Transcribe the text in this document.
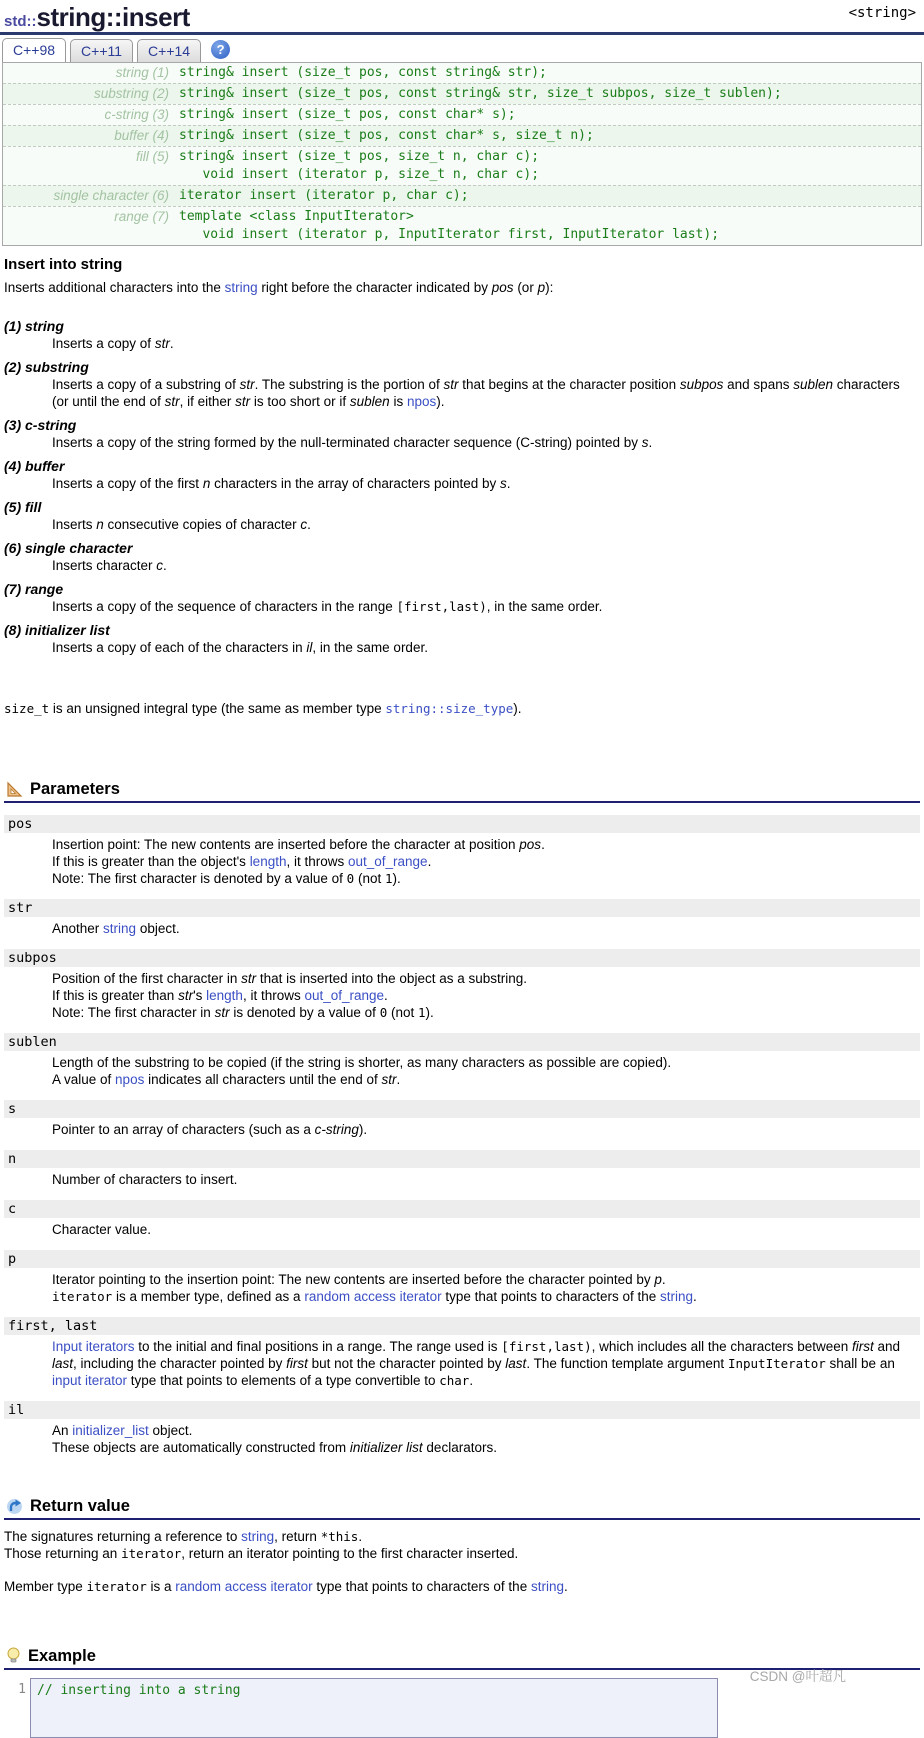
std:: string::insert	<string>
C++98	C++11	C++14	?
string (1) string& insert (size_t pos, const string& str);
substring (2) string& insert (size_t pos, const string& str, size_t subpos, size_t sublen);
c-string (3) string& insert (size_t pos, const char* s);
buffer (4) string& insert (size_t pos, const char* s, size_t n);
fill (5) string& insert (size_t pos, size_t n, char c);
void insert (iterator p, size_t n, char c);
single character (6) iterator insert (iterator p, char c);
range (7) template <class InputIterator>
void insert (iterator p, InputIterator first, InputIterator last);
Insert into string
Inserts additional characters into the string right before the character indicated by pos (or p):
(1) string
Inserts a copy of str.
(2) substring
Inserts a copy of a substring of str. The substring is the portion of str that begins at the character position subpos and spans sublen characters (or until the end of str, if either str is too short or if sublen is npos).
(3) c-string
Inserts a copy of the string formed by the null-terminated character sequence (C-string) pointed by s.
(4) buffer
Inserts a copy of the first n characters in the array of characters pointed by s.
(5) fill
Inserts n consecutive copies of character c.
(6) single character
Inserts character c.
(7) range
Inserts a copy of the sequence of characters in the range [first,last), in the same order.
(8) initializer list
Inserts a copy of each of the characters in il, in the same order.
size_t is an unsigned integral type (the same as member type string::size_type).
Parameters
pos
Insertion point: The new contents are inserted before the character at position pos.
If this is greater than the object's length, it throws out_of_range.
Note: The first character is denoted by a value of 0 (not 1).
str
Another string object.
subpos
Position of the first character in str that is inserted into the object as a substring.
If this is greater than str's length, it throws out_of_range.
Note: The first character in str is denoted by a value of 0 (not 1).
sublen
Length of the substring to be copied (if the string is shorter, as many characters as possible are copied).
A value of npos indicates all characters until the end of str.
s
Pointer to an array of characters (such as a c-string).
n
Number of characters to insert.
c
Character value.
p
Iterator pointing to the insertion point: The new contents are inserted before the character pointed by p.
iterator is a member type, defined as a random access iterator type that points to characters of the string.
first, last
Input iterators to the initial and final positions in a range. The range used is [first,last), which includes all the characters between first and last, including the character pointed by first but not the character pointed by last. The function template argument InputIterator shall be an input iterator type that points to elements of a type convertible to char.
il
An initializer_list object.
These objects are automatically constructed from initializer list declarators.
Return value
The signatures returning a reference to string, return *this.
Those returning an iterator, return an iterator pointing to the first character inserted.
Member type iterator is a random access iterator type that points to characters of the string.
Example
1 // inserting into a string
CSDN @叶超凡
